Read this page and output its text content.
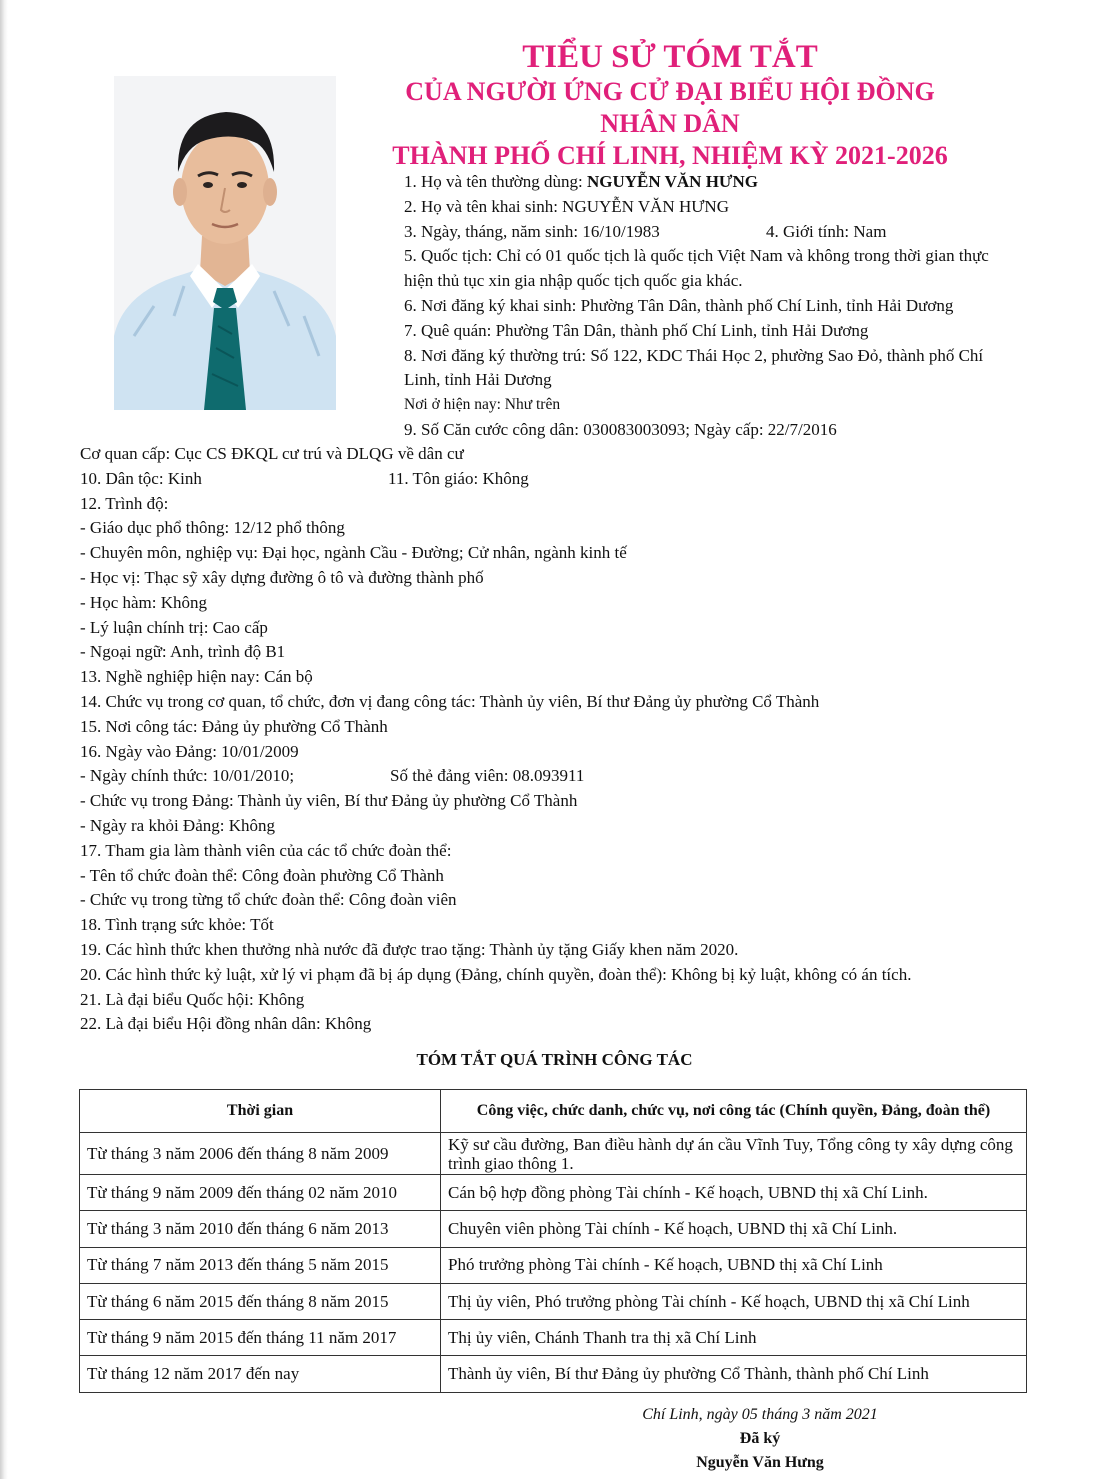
TIỂU SỬ TÓM TẮT
CỦA NGƯỜI ỨNG CỬ ĐẠI BIỂU HỘI ĐỒNG NHÂN DÂN
THÀNH PHỐ CHÍ LINH, NHIỆM KỲ 2021-2026
1. Họ và tên thường dùng: NGUYỄN VĂN HƯNG
2. Họ và tên khai sinh: NGUYỄN VĂN HƯNG
3. Ngày, tháng, năm sinh: 16/10/1983	4. Giới tính: Nam
5. Quốc tịch: Chỉ có 01 quốc tịch là quốc tịch Việt Nam và không trong thời gian thực
hiện thủ tục xin gia nhập quốc tịch quốc gia khác.
6. Nơi đăng ký khai sinh: Phường Tân Dân, thành phố Chí Linh, tỉnh Hải Dương
7. Quê quán: Phường Tân Dân, thành phố Chí Linh, tỉnh Hải Dương
8. Nơi đăng ký thường trú: Số 122, KDC Thái Học 2, phường Sao Đỏ, thành phố Chí
Linh, tỉnh Hải Dương
Nơi ở hiện nay: Như trên
9. Số Căn cước công dân: 030083003093; Ngày cấp: 22/7/2016
Cơ quan cấp: Cục CS ĐKQL cư trú và DLQG về dân cư
10. Dân tộc: Kinh	11. Tôn giáo: Không
12. Trình độ:
- Giáo dục phổ thông: 12/12 phổ thông
- Chuyên môn, nghiệp vụ: Đại học, ngành Cầu - Đường; Cử nhân, ngành kinh tế
- Học vị: Thạc sỹ xây dựng đường ô tô và đường thành phố
- Học hàm: Không
- Lý luận chính trị: Cao cấp
- Ngoại ngữ: Anh, trình độ B1
13. Nghề nghiệp hiện nay: Cán bộ
14. Chức vụ trong cơ quan, tổ chức, đơn vị đang công tác: Thành ủy viên, Bí thư Đảng ủy phường Cổ Thành
15. Nơi công tác: Đảng ủy phường Cổ Thành
16. Ngày vào Đảng: 10/01/2009
- Ngày chính thức: 10/01/2010;	Số thẻ đảng viên: 08.093911
- Chức vụ trong Đảng: Thành ủy viên, Bí thư Đảng ủy phường Cổ Thành
- Ngày ra khỏi Đảng: Không
17. Tham gia làm thành viên của các tổ chức đoàn thể:
- Tên tổ chức đoàn thể: Công đoàn phường Cổ Thành
- Chức vụ trong từng tổ chức đoàn thể: Công đoàn viên
18. Tình trạng sức khỏe: Tốt
19. Các hình thức khen thưởng nhà nước đã được trao tặng: Thành ủy tặng Giấy khen năm 2020.
20. Các hình thức kỷ luật, xử lý vi phạm đã bị áp dụng (Đảng, chính quyền, đoàn thể): Không bị kỷ luật, không có án tích.
21. Là đại biểu Quốc hội: Không
22. Là đại biểu Hội đồng nhân dân: Không
TÓM TẮT QUÁ TRÌNH CÔNG TÁC
Thời gian	Công việc, chức danh, chức vụ, nơi công tác (Chính quyền, Đảng, đoàn thể)
Từ tháng 3 năm 2006 đến tháng 8 năm 2009	Kỹ sư cầu đường, Ban điều hành dự án cầu Vĩnh Tuy, Tổng công ty xây dựng công trình giao thông 1.
Từ tháng 9 năm 2009 đến tháng 02 năm 2010	Cán bộ hợp đồng phòng Tài chính - Kế hoạch, UBND thị xã Chí Linh.
Từ tháng 3 năm 2010 đến tháng 6 năm 2013	Chuyên viên phòng Tài chính - Kế hoạch, UBND thị xã Chí Linh.
Từ tháng 7 năm 2013 đến tháng 5 năm 2015	Phó trưởng phòng Tài chính - Kế hoạch, UBND thị xã Chí Linh
Từ tháng 6 năm 2015 đến tháng 8 năm 2015	Thị ủy viên, Phó trưởng phòng Tài chính - Kế hoạch, UBND thị xã Chí Linh
Từ tháng 9 năm 2015 đến tháng 11 năm 2017	Thị ủy viên, Chánh Thanh tra thị xã Chí Linh
Từ tháng 12 năm 2017 đến nay	Thành ủy viên, Bí thư Đảng ủy phường Cổ Thành, thành phố Chí Linh
Chí Linh, ngày 05 tháng 3 năm 2021
Đã ký
Nguyễn Văn Hưng
